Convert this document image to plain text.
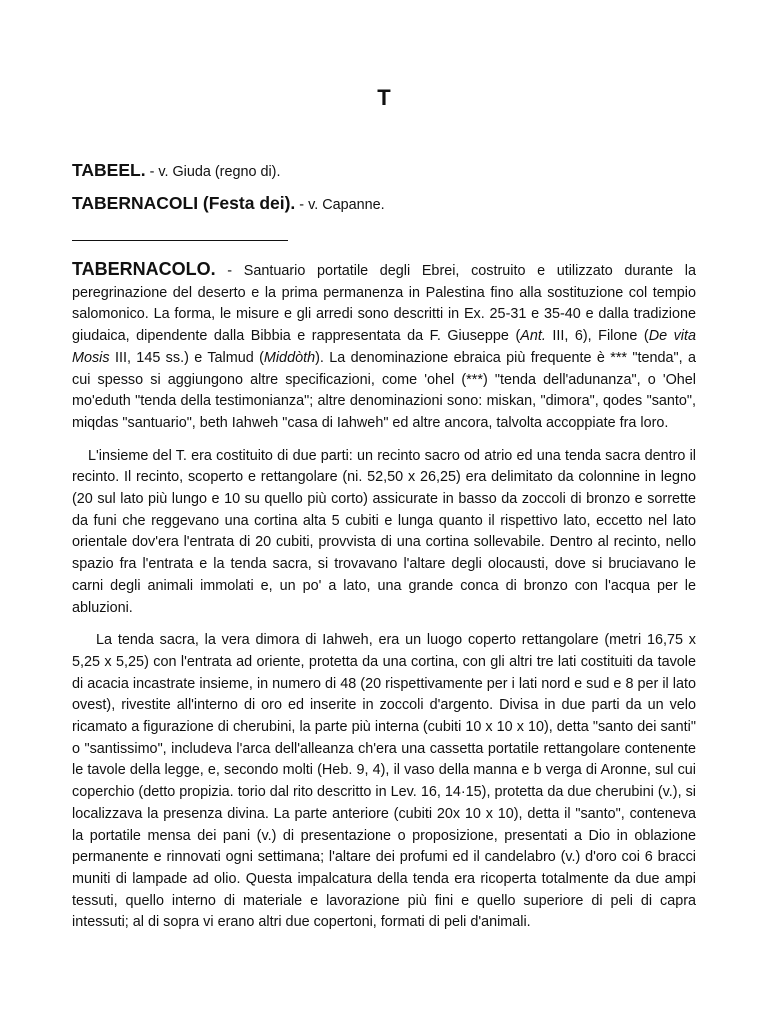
T
TABEEL. - v. Giuda (regno di).
TABERNACOLI (Festa dei). - v. Capanne.

TABERNACOLO. - Santuario portatile degli Ebrei, costruito e utilizzato durante la peregrinazione del deserto e la prima permanenza in Palestina fino alla sostituzione col tempio salomonico. La forma, le misure e gli arredi sono descritti in Ex. 25-31 e 35-40 e dalla tradizione giudaica, dipendente dalla Bibbia e rappresentata da F. Giuseppe (Ant. III, 6), Filone (De vita Mosis III, 145 ss.) e Talmud (Middòth). La denominazione ebraica più frequente è *** "tenda", a cui spesso si aggiungono altre specificazioni, come 'ohel (***) "tenda dell'adunanza", o 'Ohel mo'eduth "tenda della testimonianza"; altre denominazioni sono: miskan, "dimora", qodes "santo", miqdas "santuario", beth Iahweh "casa di Iahweh" ed altre ancora, talvolta accoppiate fra loro.

L'insieme del T. era costituito di due parti: un recinto sacro od atrio ed una tenda sacra dentro il recinto. Il recinto, scoperto e rettangolare (ni. 52,50 x 26,25) era delimitato da colonnine in legno (20 sul lato più lungo e 10 su quello più corto) assicurate in basso da zoccoli di bronzo e sorrette da funi che reggevano una cortina alta 5 cubiti e lunga quanto il rispettivo lato, eccetto nel lato orientale dov'era l'entrata di 20 cubiti, provvista di una cortina sollevabile. Dentro al recinto, nello spazio fra l'entrata e la tenda sacra, si trovavano l'altare degli olocausti, dove si bruciavano le carni degli animali immolati e, un po' a lato, una grande conca di bronzo con l'acqua per le abluzioni.

La tenda sacra, la vera dimora di Iahweh, era un luogo coperto rettangolare (metri 16,75 x 5,25 x 5,25) con l'entrata ad oriente, protetta da una cortina, con gli altri tre lati costituiti da tavole di acacia incastrate insieme, in numero di 48 (20 rispettivamente per i lati nord e sud e 8 per il lato ovest), rivestite all'interno di oro ed inserite in zoccoli d'argento. Divisa in due parti da un velo ricamato a figurazione di cherubini, la parte più interna (cubiti 10 x 10 x 10), detta "santo dei santi" o "santissimo", includeva l'arca dell'alleanza ch'era una cassetta portatile rettangolare contenente le tavole della legge, e, secondo molti (Heb. 9, 4), il vaso della manna e b verga di Aronne, sul cui coperchio (detto propizia. torio dal rito descritto in Lev. 16, 14·15), protetta da due cherubini (v.), si localizzava la presenza divina. La parte anteriore (cubiti 20x 10 x 10), detta il "santo", conteneva la portatile mensa dei pani (v.) di presentazione o proposizione, presentati a Dio in oblazione permanente e rinnovati ogni settimana; l'altare dei profumi ed il candelabro (v.) d'oro coi 6 bracci muniti di lampade ad olio. Questa impalcatura della tenda era ricoperta totalmente da due ampi tessuti, quello interno di materiale e lavorazione più fini e quello superiore di peli di capra intessuti; al di sopra vi erano altri due copertoni, formati di peli d'animali.
